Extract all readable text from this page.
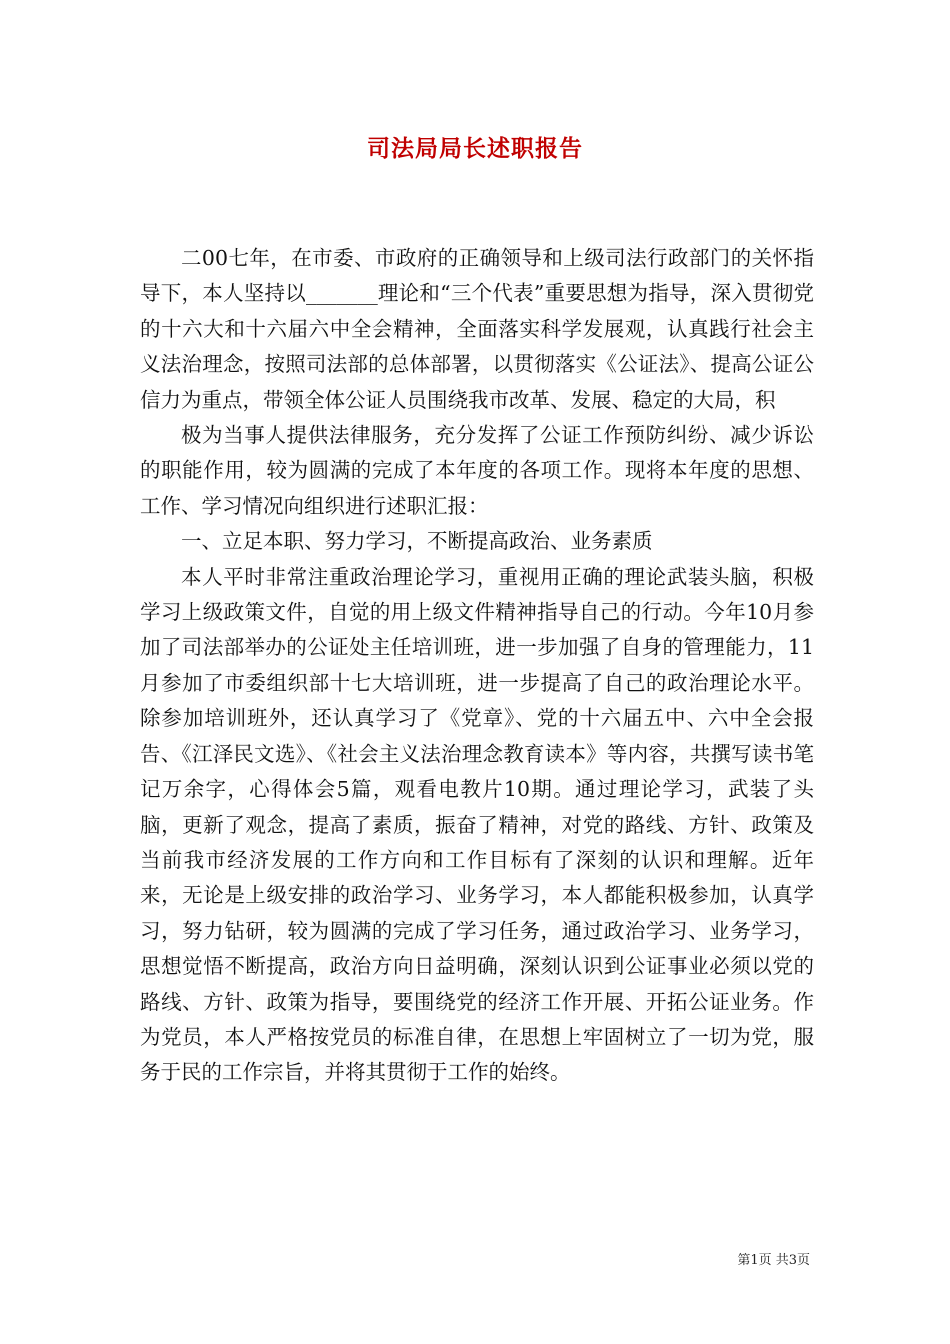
司法局局长述职报告

二00七年，在市委、市政府的正确领导和上级司法行政部门的关怀指导下，本人坚持以_______理论和“三个代表”重要思想为指导，深入贯彻党的十六大和十六届六中全会精神，全面落实科学发展观，认真践行社会主义法治理念，按照司法部的总体部署，以贯彻落实《公证法》、提高公证公信力为重点，带领全体公证人员围绕我市改革、发展、稳定的大局，积

极为当事人提供法律服务，充分发挥了公证工作预防纠纷、减少诉讼的职能作用，较为圆满的完成了本年度的各项工作。现将本年度的思想、工作、学习情况向组织进行述职汇报：

一、立足本职、努力学习，不断提高政治、业务素质

本人平时非常注重政治理论学习，重视用正确的理论武装头脑，积极学习上级政策文件，自觉的用上级文件精神指导自己的行动。今年10月参加了司法部举办的公证处主任培训班，进一步加强了自身的管理能力，11月参加了市委组织部十七大培训班，进一步提高了自己的政治理论水平。除参加培训班外，还认真学习了《党章》、党的十六届五中、六中全会报告、《江泽民文选》、《社会主义法治理念教育读本》等内容，共撰写读书笔记万余字，心得体会5篇，观看电教片10期。通过理论学习，武装了头脑，更新了观念，提高了素质，振奋了精神，对党的路线、方针、政策及当前我市经济发展的工作方向和工作目标有了深刻的认识和理解。近年来，无论是上级安排的政治学习、业务学习，本人都能积极参加，认真学习，努力钻研，较为圆满的完成了学习任务，通过政治学习、业务学习，思想觉悟不断提高，政治方向日益明确，深刻认识到公证事业必须以党的路线、方针、政策为指导，要围绕党的经济工作开展、开拓公证业务。作为党员，本人严格按党员的标准自律，在思想上牢固树立了一切为党，服务于民的工作宗旨，并将其贯彻于工作的始终。

第1页 共3页
